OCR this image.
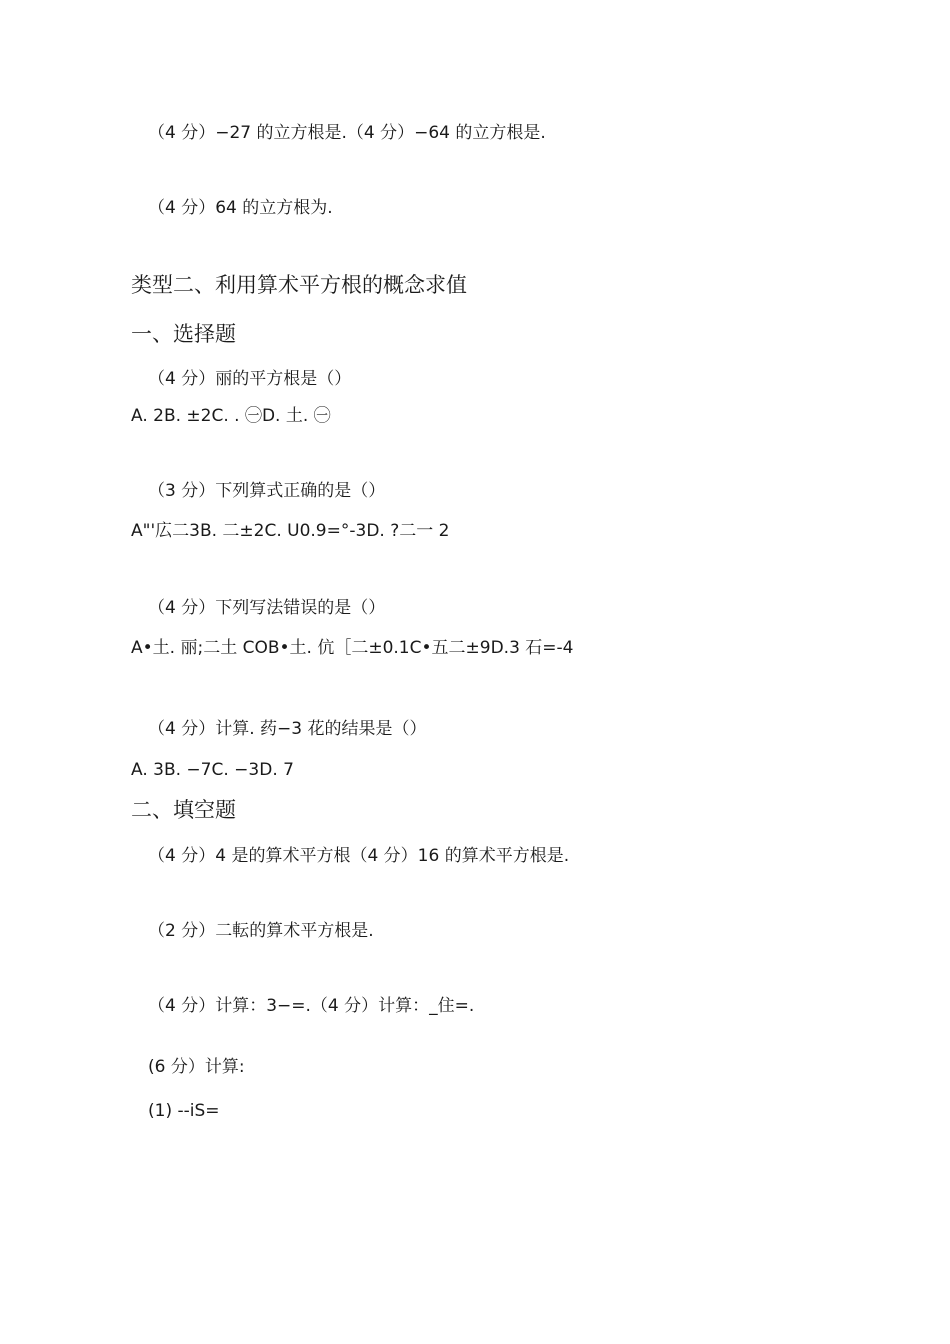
（4 分）−27 的立方根是.（4 分）−64 的立方根是.
（4 分）64 的立方根为.
类型二、利用算术平方根的概念求值
一、选择题
（4 分）丽的平方根是（）
A. 2B. ±2C. . ㊀D. 土. ㊀
（3 分）下列算式正确的是（）
A"'広二3B. 二±2C. U0.9=°-3D. ?二一 2
（4 分）下列写法错误的是（）
A•土. 丽;二土 COB•土. 伉［二±0.1C•五二±9D.3 石=-4
（4 分）计算. 药−3 花的结果是（）
A. 3B. −7C. −3D. 7
二、填空题
（4 分）4 是的算术平方根（4 分）16 的算术平方根是.
（2 分）二転的算术平方根是.
（4 分）计算：3−=.（4 分）计算：_住=.
(6 分）计算:
(1) --iS=
